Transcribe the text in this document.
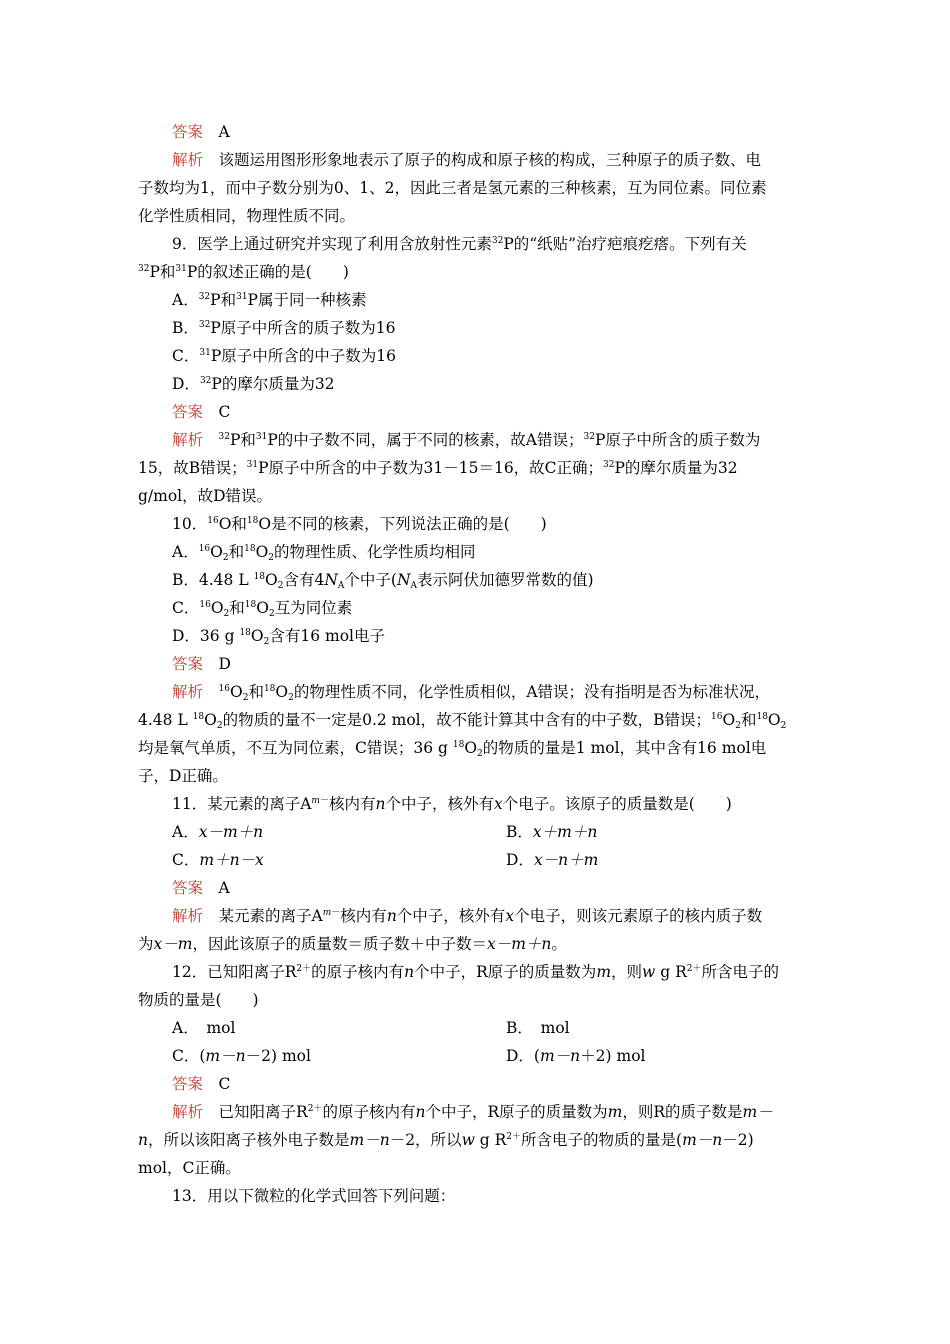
答案　 A
解析　 该题运用图形形象地表示了原子的构成和原子核的构成，三种原子的质子数、电
子数均为1，而中子数分别为0、1、2，因此三者是氢元素的三种核素，互为同位素。同位素
化学性质相同，物理性质不同。
9．医学上通过研究并实现了利用含放射性元素$^{32}$P的“纸贴”治疗疤痕疙瘩。下列有关
$^{32}$P和$^{31}$P的叙述正确的是(　　)
A．$^{32}$P和$^{31}$P属于同一种核素
B．$^{32}$P原子中所含的质子数为16
C．$^{31}$P原子中所含的中子数为16
D．$^{32}$P的摩尔质量为32
答案　 C
解析　 $^{32}$P和$^{31}$P的中子数不同，属于不同的核素，故A错误；$^{32}$P原子中所含的质子数为
15，故B错误；$^{31}$P原子中所含的中子数为31－15＝16，故C正确；$^{32}$P的摩尔质量为32
g/mol，故D错误。
10．$^{16}$O和$^{18}$O是不同的核素，下列说法正确的是(　　)
A．$^{16}O_2$和$^{18}O_2$的物理性质、化学性质均相同
B．4.48 L $^{18}O_2$含有$4N_A$个中子($N_A$表示阿伏加德罗常数的值)
C．$^{16}O_2$和$^{18}O_2$互为同位素
D．36 g $^{18}O_2$含有16 mol电子
答案　 D
解析　 $^{16}O_2$和$^{18}O_2$的物理性质不同，化学性质相似，A错误；没有指明是否为标准状况，
4.48 L $^{18}O_2$的物质的量不一定是0.2 mol，故不能计算其中含有的中子数，B错误；$^{16}O_2$和$^{18}O_2$
均是氧气单质，不互为同位素，C错误；36 g $^{18}O_2$的物质的量是1 mol，其中含有16 mol电
子，D正确。
11．某元素的离子$A^{m-}$核内有n个中子，核外有x个电子。该原子的质量数是(　　)
A．x－m＋n	B．x＋m＋n
C．m＋n－x	D．x－n＋m
答案　 A
解析　 某元素的离子$A^{m-}$核内有n个中子，核外有x个电子，则该元素原子的核内质子数
为x－m，因此该原子的质量数＝质子数＋中子数＝x－m＋n。
12．已知阳离子$R^{2+}$的原子核内有n个中子，R原子的质量数为m，则w g $R^{2+}$所含电子的
物质的量是(　　)
A．　mol	B．　mol
C．(m－n－2) mol	D．(m－n＋2) mol
答案　 C
解析　 已知阳离子$R^{2+}$的原子核内有n个中子，R原子的质量数为m，则R的质子数是m－
n，所以该阳离子核外电子数是m－n－2，所以w g $R^{2+}$所含电子的物质的量是(m－n－2)
mol，C正确。
13．用以下微粒的化学式回答下列问题：
